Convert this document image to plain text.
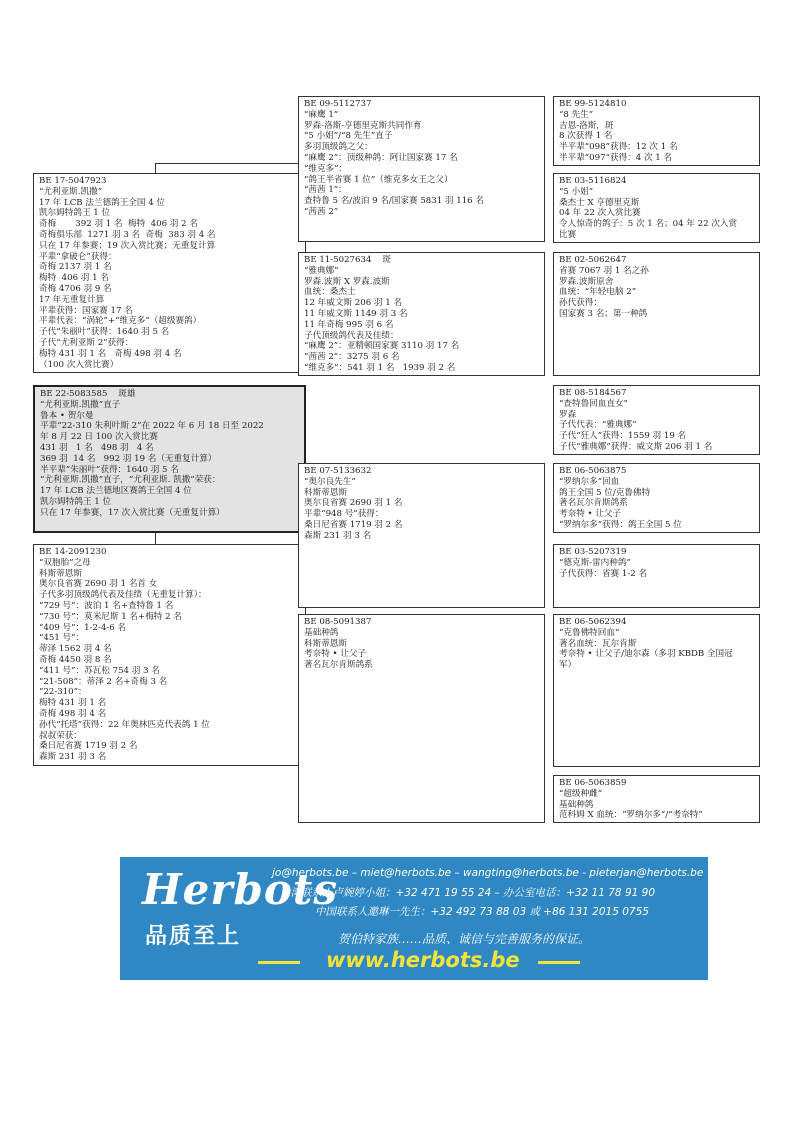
BE 17-5047923
“尤利亚斯.凯撒”
17 年 LCB 法兰德鸽王全国 4 位
凯尔姆特鸽王 1 位
奇梅       392 羽 1 名  梅特  406 羽 2 名
奇梅俱乐部  1271 羽 3 名  奇梅  383 羽 4 名
只在 17 年参赛；19 次入赏比赛；无重复计算
平辈“拿破仑”获得：
奇梅 2137 羽 1 名
梅特  406 羽 1 名
奇梅 4706 羽 9 名
17 年无重复计算
平辈获得：国家赛 17 名
平辈代表：“涡轮”+“维克多”（超级赛鸽）
子代“朱丽叶”获得：1640 羽 5 名
子代“尤利亚斯 2”获得：
梅特 431 羽 1 名   奇梅 498 羽 4 名
（100 次入赏比赛）
BE 22-5083585    斑雄
“尤利亚斯.凯撒”直子
鲁本 • 贺尔曼
平辈“22-310 朱利叶斯 2”在 2022 年 6 月 18 日至 2022
年 8 月 22 日 100 次入赏比赛
431 羽   1 名   498 羽   4 名
369 羽  14 名   992 羽 19 名（无重复计算）
半平辈“朱丽叶”获得：1640 羽 5 名
“尤利亚斯.凯撒”直子，“尤利亚斯. 凯撒”荣获：
17 年 LCB 法兰德地区赛鸽王全国 4 位
凯尔姆特鸽王 1 位
只在 17 年参赛，17 次入赏比赛（无重复计算）
BE 14-2091230
“双胞胎”之母
科斯蒂恩斯
奥尔良省赛 2690 羽 1 名首 女
子代多羽顶级鸽代表及佳绩（无重复计算）：
“729 号”：波泊 1 名+查特鲁 1 名
“730 号”：莫米尼斯 1 名+梅特 2 名
“409 号”：1-2-4-6 名
“451 号”：
蒂泽 1562 羽 4 名
奇梅 4450 羽 8 名
“411 号”：苏瓦松 754 羽 3 名
“21-508”：蒂泽 2 名+奇梅 3 名
“22-310”：
梅特 431 羽 1 名
奇梅 498 羽 4 名
孙代“托塔”获得：22 年奥林匹克代表鸽 1 位
叔叔荣获：
桑日尼省赛 1719 羽 2 名
森斯 231 羽 3 名
BE 09-5112737
“麻鹰 1”
罗森-洛斯-亨德里克斯共同作育
“5 小姐”/“8 先生”直子
多羽顶级鸽之父：
“麻鹰 2”：顶级种鸽：阿让国家赛 17 名
“维克多”：
“鸽王半省赛 1 位”（维克多女王之父）
“茜茜 1”：
查特鲁 5 名/波泊 9 名/国家赛 5831 羽 116 名
“茜茜 2”
BE 11-5027634    斑
“雅典娜”
罗森.波斯 X 罗森.波斯
血统：桑杰士
12 年威文斯 206 羽 1 名
11 年威文斯 1149 羽 3 名
11 年奇梅 995 羽 6 名
子代顶级鸽代表及佳绩：
“麻鹰 2”：亚精顿国家赛 3110 羽 17 名
“茜茜 2”：3275 羽 6 名
“维克多”：541 羽 1 名   1939 羽 2 名
BE 07-5133632
“奥尔良先生”
科斯蒂恩斯
奥尔良省赛 2690 羽 1 名
平辈“948 号”获得：
桑日尼省赛 1719 羽 2 名
森斯 231 羽 3 名
BE 08-5091387
基础种鸽
科斯蒂恩斯
考奈特 • 让父子
著名瓦尔肯斯鸽系
BE 99-5124810
“8 先生”
吉恩-洛斯，斑
8 次获得 1 名
半平辈“098”获得：12 次 1 名
半平辈“097”获得：4 次 1 名
BE 03-5116824
“5 小姐”
桑杰士 X 亨德里克斯
04 年 22 次入赏比赛
令人惊奇的鸽子：5 次 1 名；04 年 22 次入赏
比赛
BE 02-5062647
省赛 7067 羽 1 名之孙
罗森.波斯原舍
血统：“年轻电脑 2”
孙代获得：
国家赛 3 名；第一种鸽
BE 08-5184567
“查特鲁回血直女”
罗森
子代代表：“雅典娜”
子代“狂人”获得：1559 羽 19 名
子代“雅典娜”获得：威文斯 206 羽 1 名
BE 06-5063875
“罗纳尔多”回血
鸽王全国 5 位/克鲁佛特
著名瓦尔肯斯鸽系
考奈特 • 让父子
“罗纳尔多”获得：鸽王全国 5 位
BE 03-5207319
“德克斯-雷内种鸽”
子代获得：省赛 1-2 名
BE 06-5062394
“克鲁佛特回血”
著名血统：瓦尔肯斯
考奈特 • 让父子/迪尔森（多羽 KBDB 全国冠
军）
BE 06-5063859
“超级种雌”
基础种鸽
范科姆 X 血统：“罗纳尔多”/“考奈特”
Herbots
品质至上
jo@herbots.be – miet@herbots.be – wangting@herbots.be - pieterjan@herbots.be
台湾联系人卢婉婷小姐：+32 471 19 55 24 – 办公室电话：+32 11 78 91 90
中国联系人邀琳一先生：+32 492 73 88 03 或 +86 131 2015 0755
贺伯特家族……品质、诚信与完善服务的保证。
www.herbots.be
